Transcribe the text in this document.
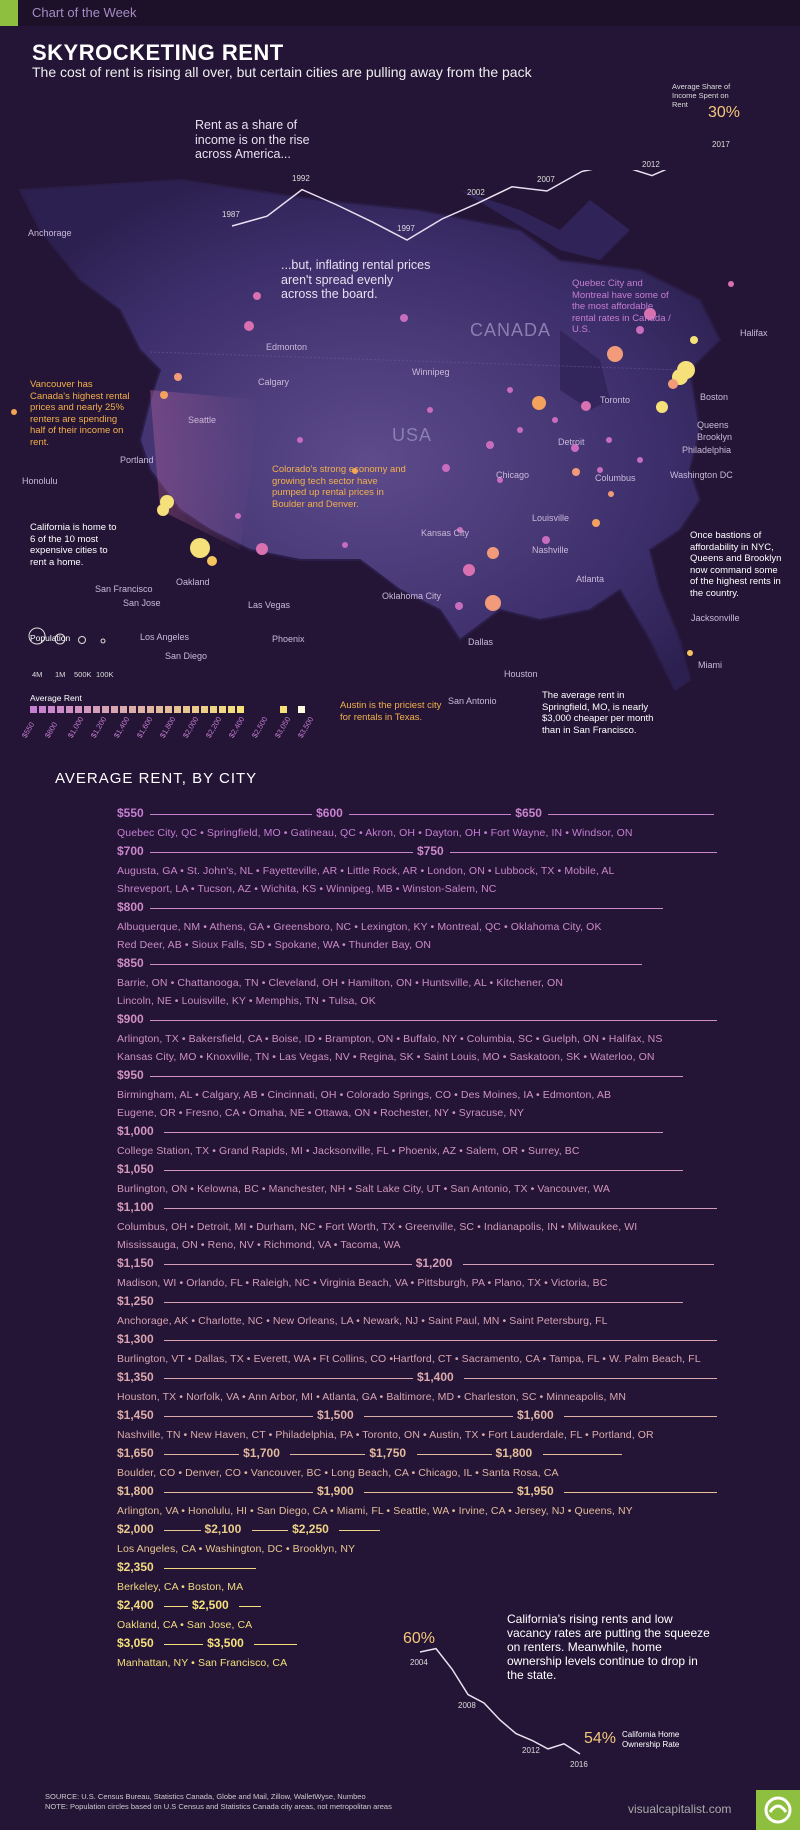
Chart of the Week
SKYROCKETING RENT
The cost of rent is rising all over, but certain cities are pulling away from the pack
Rent as a share of income is on the rise across America...
Average Share of Income Spent on Rent	30%
...but, inflating rental prices aren't spread evenly across the board.
CANADA
USA
Quebec City and Montreal have some of the most affordable rental rates in Canada / U.S.
Vancouver has Canada's highest rental prices and nearly 25% renters are spending half of their income on rent.
Colorado's strong economy and growing tech sector have pumped up rental prices in Boulder and Denver.
California is home to 6 of the 10 most expensive cities to rent a home.
Once bastions of affordability in NYC, Queens and Brooklyn now command some of the highest rents in the country.
Austin is the priciest city for rentals in Texas.
The average rent in Springfield, MO, is nearly $3,000 cheaper per month than in San Francisco.
Anchorage
Edmonton
Calgary
Winnipeg
Halifax
Boston
Toronto
Queens
Brooklyn
Philadelphia
Washington DC
Detroit
Chicago	Columbus
Seattle
Portland
Honolulu
Louisville
Kansas City
Nashville
Atlanta
Oklahoma City
San Francisco
Oakland
San Jose	Las Vegas
Los Angeles	Phoenix
San Diego
Dallas
Houston
San Antonio
Jacksonville
Miami
1987
1992
1997
2002
2007
2012
2017
Population
4M 1M 500K 100K
Average Rent
$550 $800 $1,000 $1,200 $1,400 $1,600 $1,800 $2,000 $2,200 $2,400 $2,500 $3,050 $3,500
AVERAGE RENT, BY CITY
$550	$600	$650
Quebec City, QC • Springfield, MO • Gatineau, QC • Akron, OH • Dayton, OH • Fort Wayne, IN • Windsor, ON
$700	$750
Augusta, GA • St. John's, NL • Fayetteville, AR • Little Rock, AR • London, ON • Lubbock, TX • Mobile, AL
Shreveport, LA • Tucson, AZ • Wichita, KS • Winnipeg, MB • Winston-Salem, NC
$800
Albuquerque, NM • Athens, GA • Greensboro, NC • Lexington, KY • Montreal, QC • Oklahoma City, OK
Red Deer, AB • Sioux Falls, SD • Spokane, WA • Thunder Bay, ON
$850
Barrie, ON • Chattanooga, TN • Cleveland, OH • Hamilton, ON • Huntsville, AL • Kitchener, ON
Lincoln, NE • Louisville, KY • Memphis, TN • Tulsa, OK
$900
Arlington, TX • Bakersfield, CA • Boise, ID • Brampton, ON • Buffalo, NY • Columbia, SC • Guelph, ON • Halifax, NS
Kansas City, MO • Knoxville, TN • Las Vegas, NV • Regina, SK • Saint Louis, MO • Saskatoon, SK • Waterloo, ON
$950
Birmingham, AL • Calgary, AB • Cincinnati, OH • Colorado Springs, CO • Des Moines, IA • Edmonton, AB
Eugene, OR • Fresno, CA • Omaha, NE • Ottawa, ON • Rochester, NY • Syracuse, NY
$1,000
College Station, TX • Grand Rapids, MI • Jacksonville, FL • Phoenix, AZ • Salem, OR • Surrey, BC
$1,050
Burlington, ON • Kelowna, BC • Manchester, NH • Salt Lake City, UT • San Antonio, TX • Vancouver, WA
$1,100
Columbus, OH • Detroit, MI • Durham, NC • Fort Worth, TX • Greenville, SC • Indianapolis, IN • Milwaukee, WI
Mississauga, ON • Reno, NV • Richmond, VA • Tacoma, WA
$1,150	$1,200
Madison, WI • Orlando, FL • Raleigh, NC • Virginia Beach, VA • Pittsburgh, PA • Plano, TX • Victoria, BC
$1,250
Anchorage, AK • Charlotte, NC • New Orleans, LA • Newark, NJ • Saint Paul, MN • Saint Petersburg, FL
$1,300
Burlington, VT • Dallas, TX • Everett, WA • Ft Collins, CO •Hartford, CT • Sacramento, CA • Tampa, FL • W. Palm Beach, FL
$1,350	$1,400
Houston, TX • Norfolk, VA • Ann Arbor, MI • Atlanta, GA • Baltimore, MD • Charleston, SC • Minneapolis, MN
$1,450	$1,500	$1,600
Nashville, TN • New Haven, CT • Philadelphia, PA • Toronto, ON • Austin, TX • Fort Lauderdale, FL • Portland, OR
$1,650	$1,700	$1,750	$1,800
Boulder, CO • Denver, CO • Vancouver, BC • Long Beach, CA • Chicago, IL • Santa Rosa, CA
$1,800	$1,900	$1,950
Arlington, VA • Honolulu, HI • San Diego, CA • Miami, FL • Seattle, WA • Irvine, CA • Jersey, NJ • Queens, NY
$2,000	$2,100	$2,250
Los Angeles, CA • Washington, DC • Brooklyn, NY
$2,350
Berkeley, CA • Boston, MA
$2,400	$2,500
Oakland, CA • San Jose, CA
$3,050	$3,500
Manhattan, NY • San Francisco, CA
60%
54% California Home Ownership Rate
2004
2008
2012
2016
California's rising rents and low vacancy rates are putting the squeeze on renters. Meanwhile, home ownership levels continue to drop in the state.
SOURCE: U.S. Census Bureau, Statistics Canada, Globe and Mail, Zillow, WalletWyse, Numbeo
NOTE: Population circles based on U.S Census and Statistics Canada city areas, not metropolitan areas	visualcapitalist.com
